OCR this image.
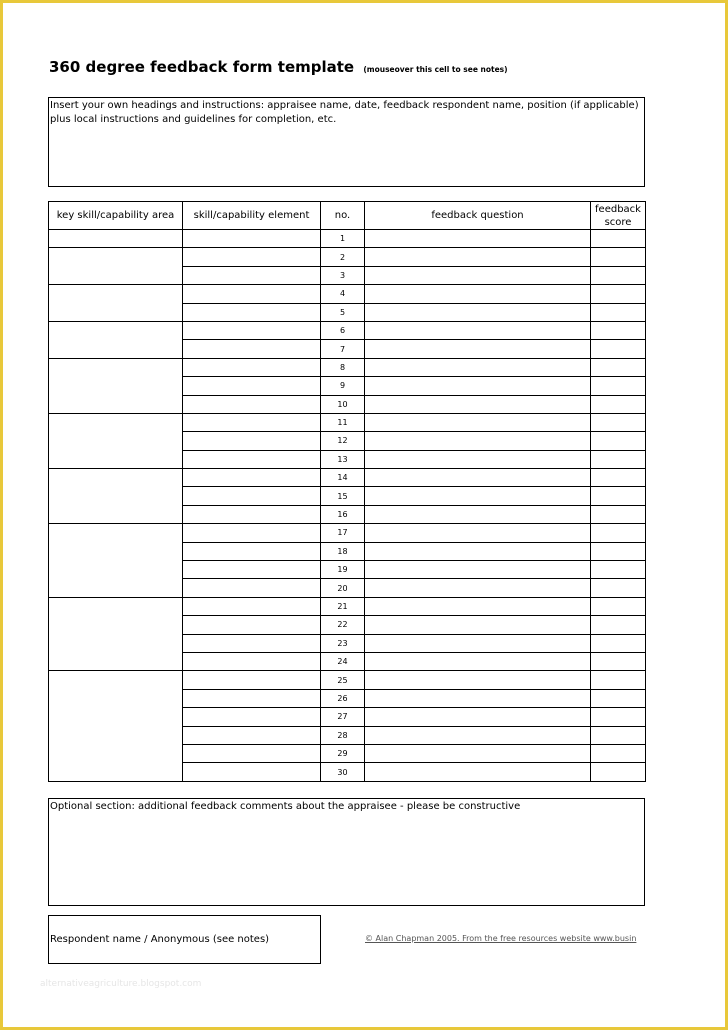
360 degree feedback form template (mouseover this cell to see notes)
Insert your own headings and instructions: appraisee name, date, feedback respondent name, position (if applicable) plus local instructions and guidelines for completion, etc.
key skill/capability area	skill/capability element	no.	feedback question	feedback score
		1		
		2		
		3		
		4		
		5		
		6		
		7		
		8		
		9		
		10		
		11		
		12		
		13		
		14		
		15		
		16		
		17		
		18		
		19		
		20		
		21		
		22		
		23		
		24		
		25		
		26		
		27		
		28		
		29		
		30		
Optional section: additional feedback comments about the appraisee - please be constructive
Respondent name / Anonymous (see notes)	© Alan Chapman 2005. From the free resources website www.busin
alternativeagriculture.blogspot.com
